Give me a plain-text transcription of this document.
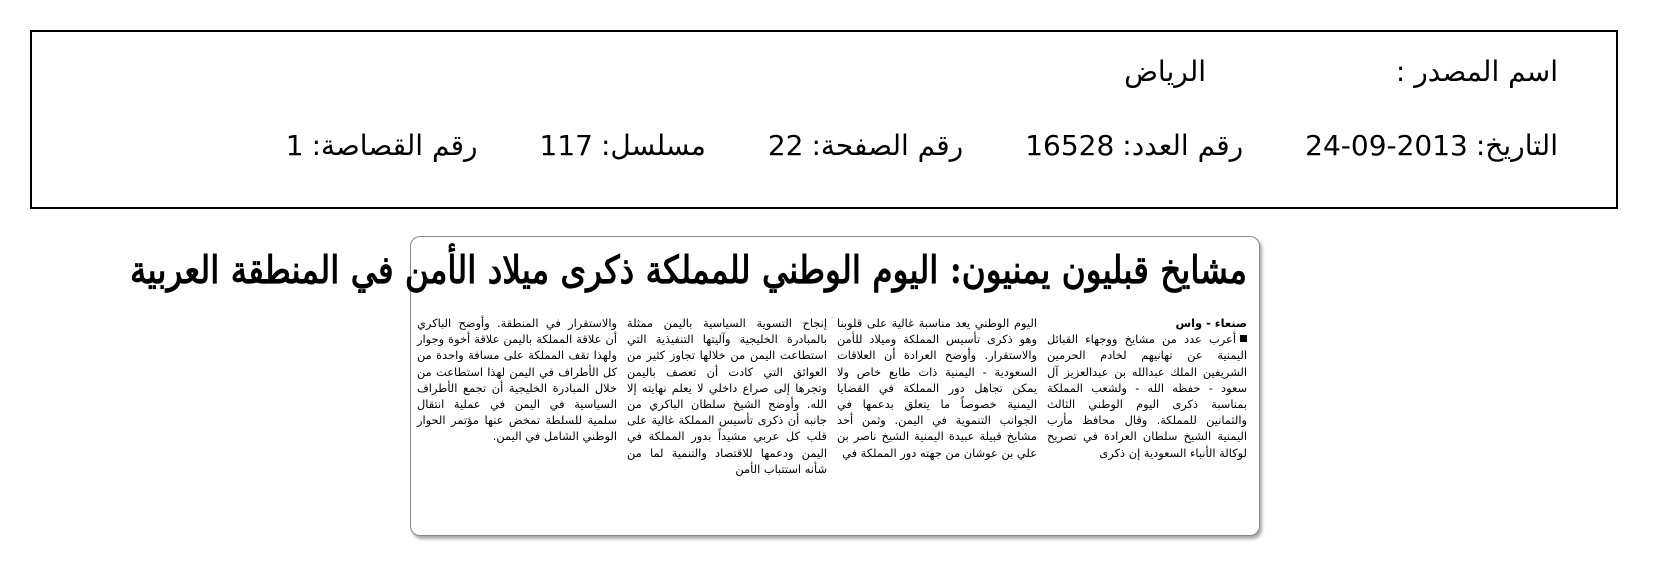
اسم المصدر :
الرياض
التاريخ:
24-09-2013
رقم العدد:
16528
رقم الصفحة:
22
مسلسل:
117
رقم القصاصة:
1
مشايخ قبليون يمنيون: اليوم الوطني للمملكة ذكرى ميلاد الأمن في المنطقة العربية
صنعاء - واس
أعرب عدد من مشايخ ووجهاء القبائل اليمنية عن تهانيهم لخادم الحرمين الشريفين الملك عبدالله بن عبدالعزيز آل سعود - حفظه الله - ولشعب المملكة بمناسبة ذكرى اليوم الوطني الثالث والثمانين للمملكة. وقال محافظ مأرب اليمنية الشيخ سلطان العرادة في تصريح لوكالة الأنباء السعودية إن ذكرى
اليوم الوطني يعد مناسبة غالية على قلوبنا وهو ذكرى تأسيس المملكة وميلاد للأمن والاستقرار. وأوضح العرادة أن العلاقات السعودية - اليمنية ذات طابع خاص ولا يمكن تجاهل دور المملكة في القضايا اليمنية خصوصاً ما يتعلق بدعمها في الجوانب التنموية في اليمن. وثمن أحد مشايخ قبيلة عبيدة اليمنية الشيخ ناصر بن علي بن عوشان من جهته دور المملكة في
إنجاح التسوية السياسية باليمن ممثلة بالمبادرة الخليجية وآليتها التنفيذية التي استطاعت اليمن من خلالها تجاوز كثير من العوائق التي كادت أن تعصف باليمن وتجرها إلى صراع داخلي لا يعلم نهايته إلا الله. وأوضح الشيخ سلطان الباكري من جانبه أن ذكرى تأسيس المملكة غالية على قلب كل عربي مشيداً بدور المملكة في اليمن ودعمها للاقتصاد والتنمية لما من شأنه استتباب الأمن
والاستقرار في المنطقة. وأوضح الباكري أن علاقة المملكة باليمن علاقة أخوة وجوار ولهذا تقف المملكة على مسافة واحدة من كل الأطراف في اليمن لهذا استطاعت من خلال المبادرة الخليجية أن تجمع الأطراف السياسية في اليمن في عملية انتقال سلمية للسلطة تمخض عنها مؤتمر الحوار الوطني الشامل في اليمن.
